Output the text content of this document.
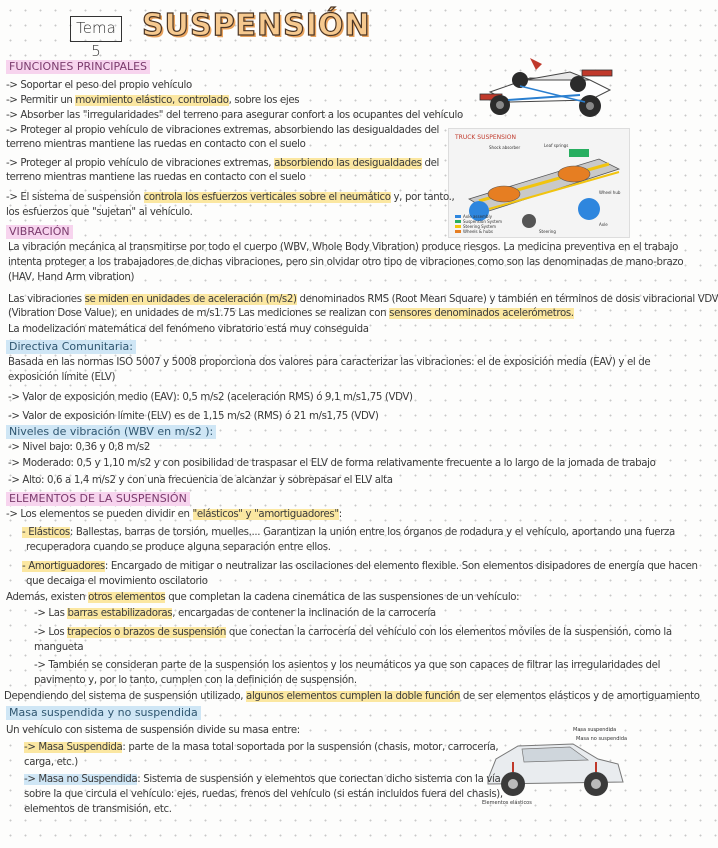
Tema 5
SUSPENSIÓN
TRUCK SUSPENSION
Axle assembly
Suspension System
Steering System
Wheels & hubs
Shock absorber	Leaf springs
Wheel hub
Axle
Steering
Masa suspendida
Masa no suspendida
Elementos elásticos
FUNCIONES PRINCIPALES
-> Soportar el peso del propio vehículo
-> Permitir un movimiento elástico, controlado, sobre los ejes
-> Absorber las "irregularidades" del terreno para asegurar confort a los ocupantes del vehículo
-> Proteger al propio vehículo de vibraciones extremas, absorbiendo las desigualdades del
terreno mientras mantiene las ruedas en contacto con el suelo
-> Proteger al propio vehículo de vibraciones extremas, absorbiendo las desigualdades del
terreno mientras mantiene las ruedas en contacto con el suelo
-> El sistema de suspensión controla los esfuerzos verticales sobre el neumático y, por tanto.,
los esfuerzos que "sujetan" al vehículo.
VIBRACIÓN
La vibración mecánica al transmitirse por todo el cuerpo (WBV, Whole Body Vibration) produce riesgos. La medicina preventiva en el trabajo
intenta proteger a los trabajadores de dichas vibraciones, pero sin olvidar otro tipo de vibraciones como son las denominadas de mano-brazo
(HAV, Hand Arm vibration)
Las vibraciones se miden en unidades de aceleración (m/s2) denominados RMS (Root Mean Square) y también en términos de dosis vibracional VDV
(Vibration Dose Value), en unidades de m/s1.75 Las mediciones se realizan con sensores denominados acelerómetros.
La modelización matemática del fenómeno vibratorio está muy conseguida
Directiva Comunitaria:
Basada en las normas ISO 5007 y 5008 proporciona dos valores para caracterizar las vibraciones: el de exposición media (EAV) y el de
exposición límite (ELV)
-> Valor de exposición medio (EAV): 0,5 m/s2 (aceleración RMS) ó 9,1 m/s1,75 (VDV)
-> Valor de exposición límite (ELV) es de 1,15 m/s2 (RMS) ó 21 m/s1,75 (VDV)
Niveles de vibración (WBV en m/s2 ):
-> Nivel bajo: 0,36 y 0,8 m/s2
-> Moderado: 0,5 y 1,10 m/s2 y con posibilidad de traspasar el ELV de forma relativamente frecuente a lo largo de la jornada de trabajo
-> Alto: 0,6 a 1,4 m/s2 y con una frecuencia de alcanzar y sobrepasar el ELV alta
ELEMENTOS DE LA SUSPENSIÓN
-> Los elementos se pueden dividir en "elásticos" y "amortiguadores":
- Elásticos: Ballestas, barras de torsión, muelles.... Garantizan la unión entre los órganos de rodadura y el vehículo, aportando una fuerza
recuperadora cuando se produce alguna separación entre ellos.
- Amortiguadores: Encargado de mitigar o neutralizar las oscilaciones del elemento flexible. Son elementos disipadores de energía que hacen
que decaiga el movimiento oscilatorio
Además, existen otros elementos que completan la cadena cinemática de las suspensiones de un vehículo:
-> Las barras estabilizadoras, encargadas de contener la inclinación de la carrocería
-> Los trapecios o brazos de suspensión que conectan la carrocería del vehículo con los elementos móviles de la suspensión, como la
mangueta
-> También se consideran parte de la suspensión los asientos y los neumáticos ya que son capaces de filtrar las irregularidades del
pavimento y, por lo tanto, cumplen con la definición de suspensión.
Dependiendo del sistema de suspensión utilizado, algunos elementos cumplen la doble función de ser elementos elásticos y de amortiguamiento
Masa suspendida y no suspendida
Un vehículo con sistema de suspensión divide su masa entre:
-> Masa Suspendida: parte de la masa total soportada por la suspensión (chasis, motor, carrocería,
carga, etc.)
-> Masa no Suspendida: Sistema de suspensión y elementos que conectan dicho sistema con la vía
sobre la que circula el vehículo: ejes, ruedas, frenos del vehículo (si están incluidos fuera del chasis),
elementos de transmisión, etc.
